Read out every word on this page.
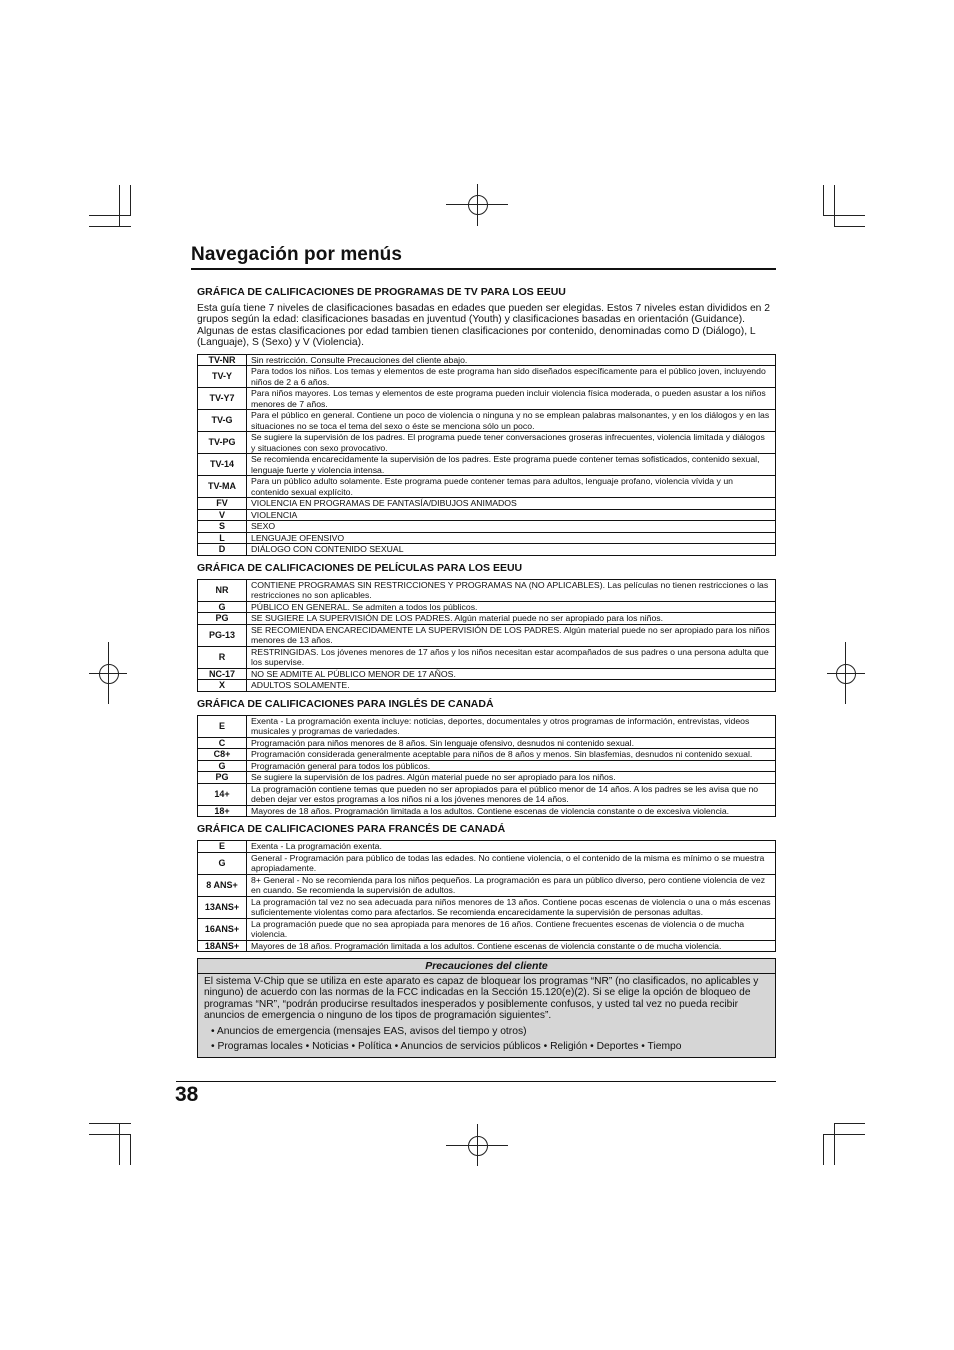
Navegación por menús
GRÁFICA DE CALIFICACIONES DE PROGRAMAS DE TV PARA LOS EEUU

Esta guía tiene 7 niveles de clasificaciones basadas en edades que pueden ser elegidas. Estos 7 niveles estan divididos en 2 grupos según la edad: clasificaciones basadas en juventud (Youth) y clasificaciones basadas en orientación (Guidance). Algunas de estas clasificaciones por edad tambien tienen clasificaciones por contenido, denominadas como D (Diálogo), L (Languaje), S (Sexo) y V (Violencia).

TV-NR	Sin restricción. Consulte Precauciones del cliente abajo.
TV-Y	Para todos los niños. Los temas y elementos de este programa han sido diseñados específicamente para el público joven, incluyendo niños de 2 a 6 años.
TV-Y7	Para niños mayores. Los temas y elementos de este programa pueden incluir violencia física moderada, o pueden asustar a los niños menores de 7 años.
TV-G	Para el público en general. Contiene un poco de violencia o ninguna y no se emplean palabras malsonantes, y en los diálogos y en las situaciones no se toca el tema del sexo o éste se menciona sólo un poco.
TV-PG	Se sugiere la supervisión de los padres. El programa puede tener conversaciones groseras infrecuentes, violencia limitada y diálogos y situaciones con sexo provocativo.
TV-14	Se recomienda encarecidamente la supervisión de los padres. Este programa puede contener temas sofisticados, contenido sexual, lenguaje fuerte y violencia intensa.
TV-MA	Para un público adulto solamente. Este programa puede contener temas para adultos, lenguaje profano, violencia vívida y un contenido sexual explícito.
FV	VIOLENCIA EN PROGRAMAS DE FANTASÍA/DIBUJOS ANIMADOS
V	VIOLENCIA
S	SEXO
L	LENGUAJE OFENSIVO
D	DIÁLOGO CON CONTENIDO SEXUAL
GRÁFICA DE CALIFICACIONES DE PELÍCULAS PARA LOS EEUU
NR	CONTIENE PROGRAMAS SIN RESTRICCIONES Y PROGRAMAS NA (NO APLICABLES). Las películas no tienen restricciones o las restricciones no son aplicables.
G	PÚBLICO EN GENERAL. Se admiten a todos los públicos.
PG	SE SUGIERE LA SUPERVISIÓN DE LOS PADRES. Algún material puede no ser apropiado para los niños.
PG-13	SE RECOMIENDA ENCARECIDAMENTE LA SUPERVISIÓN DE LOS PADRES. Algún material puede no ser apropiado para los niños menores de 13 años.
R	RESTRINGIDAS. Los jóvenes menores de 17 años y los niños necesitan estar acompañados de sus padres o una persona adulta que los supervise.
NC-17	NO SE ADMITE AL PÚBLICO MENOR DE 17 AÑOS.
X	ADULTOS SOLAMENTE.
GRÁFICA DE CALIFICACIONES PARA INGLÉS DE CANADÁ
E	Exenta - La programación exenta incluye: noticias, deportes, documentales y otros programas de información, entrevistas, videos musicales y programas de variedades.
C	Programación para niños menores de 8 años. Sin lenguaje ofensivo, desnudos ni contenido sexual.
C8+	Programación considerada generalmente aceptable para niños de 8 años y menos. Sin blasfemias, desnudos ni contenido sexual.
G	Programación general para todos los públicos.
PG	Se sugiere la supervisión de los padres. Algún material puede no ser apropiado para los niños.
14+	La programación contiene temas que pueden no ser apropiados para el público menor de 14 años. A los padres se les avisa que no deben dejar ver estos programas a los niños ni a los jóvenes menores de 14 años.
18+	Mayores de 18 años. Programación limitada a los adultos. Contiene escenas de violencia constante o de excesiva violencia.
GRÁFICA DE CALIFICACIONES PARA FRANCÉS DE CANADÁ
E	Exenta - La programación exenta.
G	General - Programación para público de todas las edades. No contiene violencia, o el contenido de la misma es mínimo o se muestra apropiadamente.
8 ANS+	8+ General - No se recomienda para los niños pequeños. La programación es para un público diverso, pero contiene violencia de vez en cuando. Se recomienda la supervisión de adultos.
13ANS+	La programación tal vez no sea adecuada para niños menores de 13 años. Contiene pocas escenas de violencia o una o más escenas suficientemente violentas como para afectarlos. Se recomienda encarecidamente la supervisión de personas adultas.
16ANS+	La programación puede que no sea apropiada para menores de 16 años. Contiene frecuentes escenas de violencia o de mucha violencia.
18ANS+	Mayores de 18 años. Programación limitada a los adultos. Contiene escenas de violencia constante o de mucha violencia.
Precauciones del cliente

El sistema V-Chip que se utiliza en este aparato es capaz de bloquear los programas “NR” (no clasificados, no aplicables y ninguno) de acuerdo con las normas de la FCC indicadas en la Sección 15.120(e)(2). Si se elige la opción de bloqueo de programas “NR”, “podrán producirse resultados inesperados y posiblemente confusos, y usted tal vez no pueda recibir anuncios de emergencia o ninguno de los tipos de programación siguientes”.

• Anuncios de emergencia (mensajes EAS, avisos del tiempo y otros)
• Programas locales • Noticias • Política • Anuncios de servicios públicos • Religión • Deportes • Tiempo
38
